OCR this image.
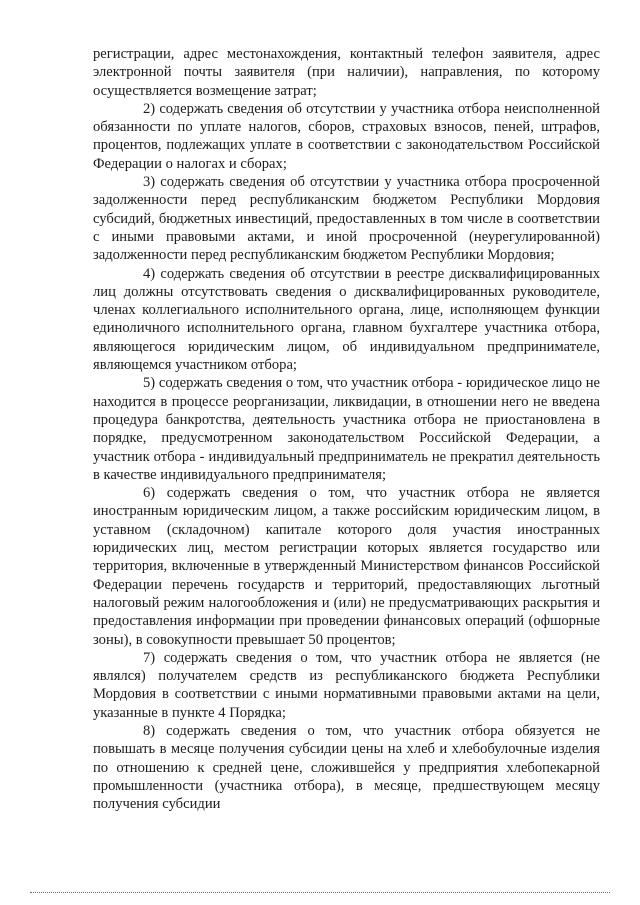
регистрации, адрес местонахождения, контактный телефон заявителя, адрес электронной почты заявителя (при наличии), направления, по которому осуществляется возмещение затрат;

2) содержать сведения об отсутствии у участника отбора неисполненной обязанности по уплате налогов, сборов, страховых взносов, пеней, штрафов, процентов, подлежащих уплате в соответствии с законодательством Российской Федерации о налогах и сборах;

3) содержать сведения об отсутствии у участника отбора просроченной задолженности перед республиканским бюджетом Республики Мордовия субсидий, бюджетных инвестиций, предоставленных в том числе в соответствии с иными правовыми актами, и иной просроченной (неурегулированной) задолженности перед республиканским бюджетом Республики Мордовия;

4) содержать сведения об отсутствии в реестре дисквалифицированных лиц должны отсутствовать сведения о дисквалифицированных руководителе, членах коллегиального исполнительного органа, лице, исполняющем функции единоличного исполнительного органа, главном бухгалтере участника отбора, являющегося юридическим лицом, об индивидуальном предпринимателе, являющемся участником отбора;

5) содержать сведения о том, что участник отбора - юридическое лицо не находится в процессе реорганизации, ликвидации, в отношении него не введена процедура банкротства, деятельность участника отбора не приостановлена в порядке, предусмотренном законодательством Российской Федерации, а участник отбора - индивидуальный предприниматель не прекратил деятельность в качестве индивидуального предпринимателя;

6) содержать сведения о том, что участник отбора не является иностранным юридическим лицом, а также российским юридическим лицом, в уставном (складочном) капитале которого доля участия иностранных юридических лиц, местом регистрации которых является государство или территория, включенные в утвержденный Министерством финансов Российской Федерации перечень государств и территорий, предоставляющих льготный налоговый режим налогообложения и (или) не предусматривающих раскрытия и предоставления информации при проведении финансовых операций (офшорные зоны), в совокупности превышает 50 процентов;

7) содержать сведения о том, что участник отбора не является (не являлся) получателем средств из республиканского бюджета Республики Мордовия в соответствии с иными нормативными правовыми актами на цели, указанные в пункте 4 Порядка;

8) содержать сведения о том, что участник отбора обязуется не повышать в месяце получения субсидии цены на хлеб и хлебобулочные изделия по отношению к средней цене, сложившейся у предприятия хлебопекарной промышленности (участника отбора), в месяце, предшествующем месяцу получения субсидии
